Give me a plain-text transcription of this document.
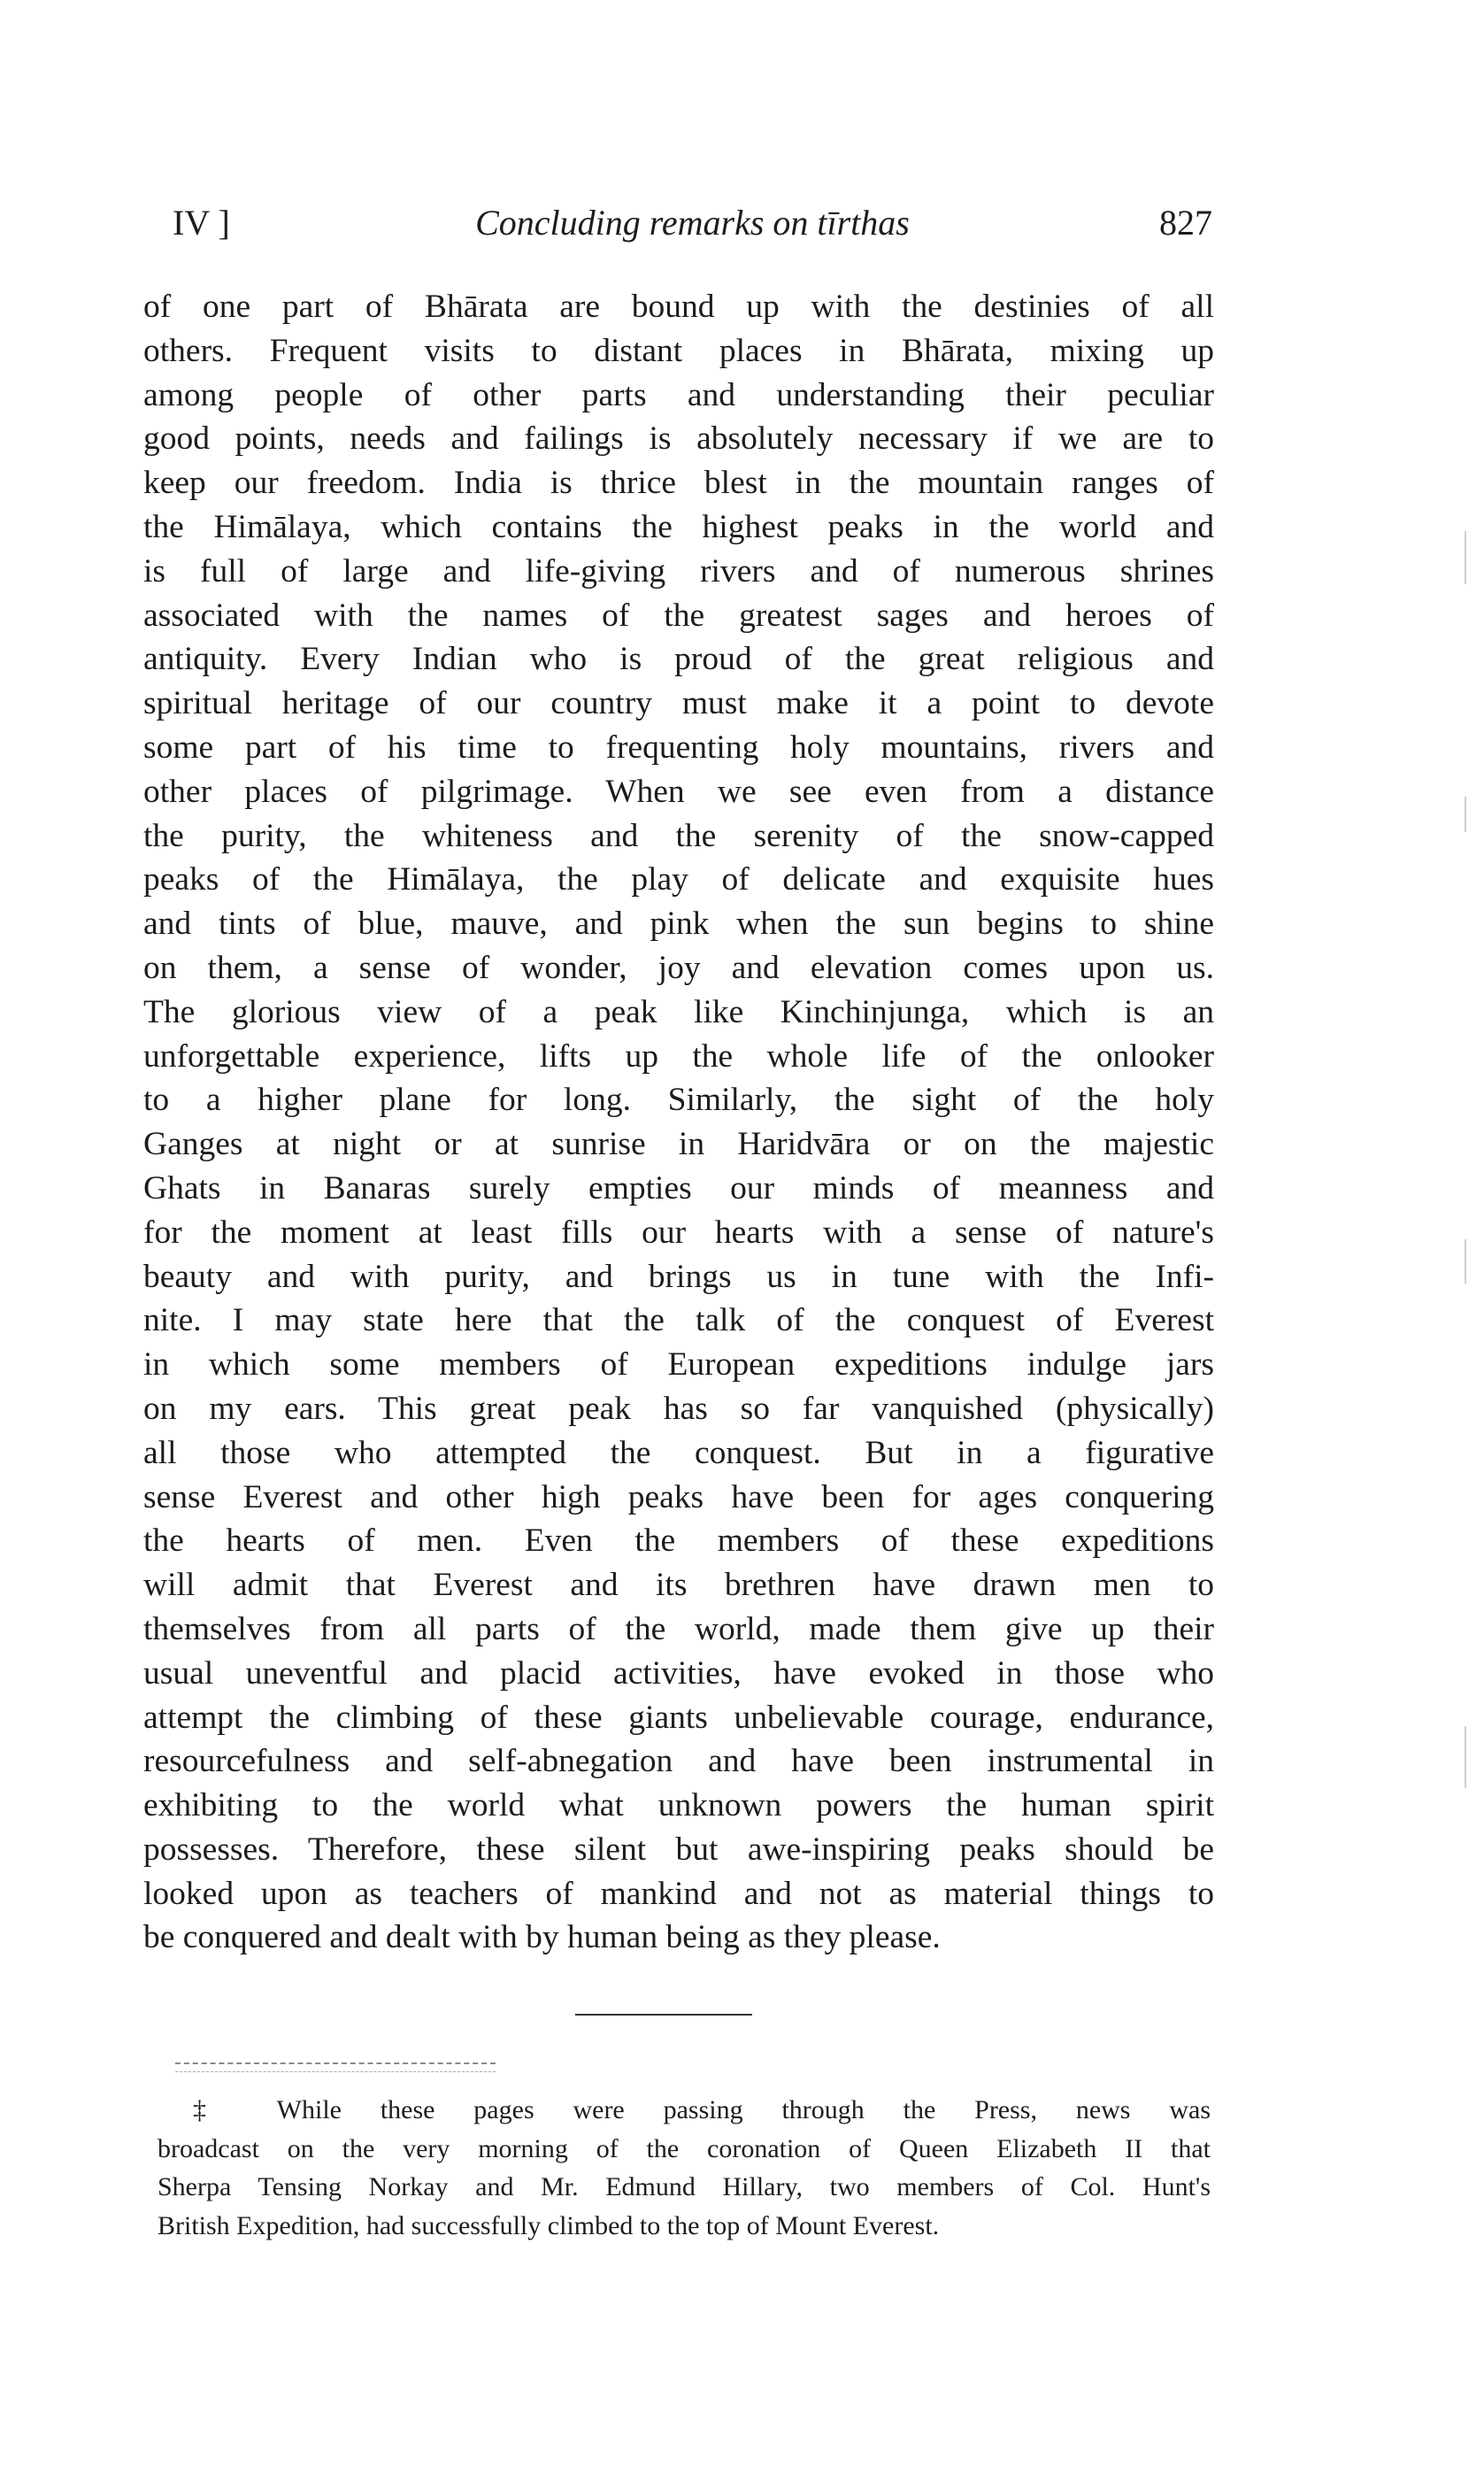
IV ]	Concluding remarks on tīrthas	827
of one part of Bhārata are bound up with the destinies of all
others. Frequent visits to distant places in Bhārata, mixing up
among people of other parts and understanding their peculiar
good points, needs and failings is absolutely necessary if we are to
keep our freedom. India is thrice blest in the mountain ranges of
the Himālaya, which contains the highest peaks in the world and
is full of large and life-giving rivers and of numerous shrines
associated with the names of the greatest sages and heroes of
antiquity. Every Indian who is proud of the great religious and
spiritual heritage of our country must make it a point to devote
some part of his time to frequenting holy mountains, rivers and
other places of pilgrimage. When we see even from a distance
the purity, the whiteness and the serenity of the snow-capped
peaks of the Himālaya, the play of delicate and exquisite hues
and tints of blue, mauve, and pink when the sun begins to shine
on them, a sense of wonder, joy and elevation comes upon us.
The glorious view of a peak like Kinchinjunga, which is an
unforgettable experience, lifts up the whole life of the onlooker
to a higher plane for long. Similarly, the sight of the holy
Ganges at night or at sunrise in Haridvāra or on the majestic
Ghats in Banaras surely empties our minds of meanness and
for the moment at least fills our hearts with a sense of nature's
beauty and with purity, and brings us in tune with the Infi-
nite. I may state here that the talk of the conquest of Everest
in which some members of European expeditions indulge jars
on my ears. This great peak has so far vanquished (physically)
all those who attempted the conquest. But in a figurative
sense Everest and other high peaks have been for ages conquering
the hearts of men. Even the members of these expeditions
will admit that Everest and its brethren have drawn men to
themselves from all parts of the world, made them give up their
usual uneventful and placid activities, have evoked in those who
attempt the climbing of these giants unbelievable courage, endurance,
resourcefulness and self-abnegation and have been instrumental in
exhibiting to the world what unknown powers the human spirit
possesses. Therefore, these silent but awe-inspiring peaks should be
looked upon as teachers of mankind and not as material things to
be conquered and dealt with by human being as they please.
‡ While these pages were passing through the Press, news was
broadcast on the very morning of the coronation of Queen Elizabeth II that
Sherpa Tensing Norkay and Mr. Edmund Hillary, two members of Col. Hunt's
British Expedition, had successfully climbed to the top of Mount Everest.
